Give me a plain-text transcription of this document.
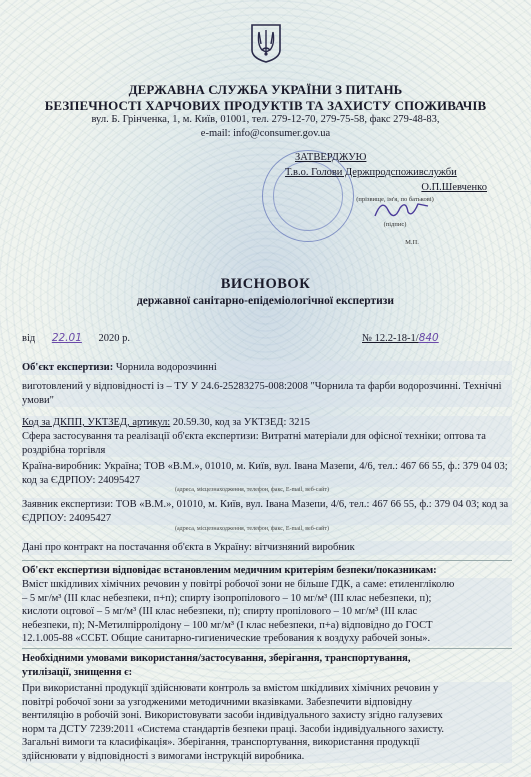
ДЕРЖАВНА СЛУЖБА УКРАЇНИ З ПИТАНЬ
БЕЗПЕЧНОСТІ ХАРЧОВИХ ПРОДУКТІВ ТА ЗАХИСТУ СПОЖИВАЧІВ
вул. Б. Грінченка, 1, м. Київ, 01001, тел. 279-12-70, 279-75-58, факс 279-48-83,
e-mail: info@consumer.gov.ua
ЗАТВЕРДЖУЮ
Т.в.о. Голови Держпродспоживслужби
О.П.Шевченко
(прізвище, ім'я, по батькові)
(підпис)
М.П.
ВИСНОВОК
державної санітарно-епідеміологічної експертизи
від 22.01 2020 р.	№ 12.2-18-1/840
Об'єкт експертизи: Чорнила водорозчинні
виготовлений у відповідності із – ТУ У 24.6-25283275-008:2008 "Чорнила та фарби водорозчинні. Технічні умови"
Код за ДКПП, УКТЗЕД, артикул: 20.59.30, код за УКТЗЕД: 3215
Сфера застосування та реалізації об'єкта експертизи: Витратні матеріали для офісної техніки; оптова та роздрібна торгівля
Країна-виробник: Україна; ТОВ «В.М.», 01010, м. Київ, вул. Івана Мазепи, 4/6, тел.: 467 66 55, ф.: 379 04 03; код за ЄДРПОУ: 24095427
(адреса, місцезнаходження, телефон, факс, E-mail, веб-сайт)
Заявник експертизи: ТОВ «В.М.», 01010, м. Київ, вул. Івана Мазепи, 4/6, тел.: 467 66 55, ф.: 379 04 03; код за ЄДРПОУ: 24095427
(адреса, місцезнаходження, телефон, факс, E-mail, веб-сайт)
Дані про контракт на постачання об'єкта в Україну: вітчизняний виробник
Об'єкт експертизи відповідає встановленим медичним критеріям безпеки/показникам:
Вміст шкідливих хімічних речовин у повітрі робочої зони не більше ГДК, а саме: етиленгліколю
– 5 мг/м³ (ІІІ клас небезпеки, п+п); спирту ізопропілового – 10 мг/м³ (ІІІ клас небезпеки, п);
кислоти оцтової – 5 мг/м³ (ІІІ клас небезпеки, п); спирту пропілового – 10 мг/м³ (ІІІ клас
небезпеки, п); N-Метилпірролідону – 100 мг/м³ (І клас небезпеки, п+а) відповідно до ГОСТ
12.1.005-88 «ССБТ. Общие санитарно-гигиенические требования к воздуху рабочей зоны».
Необхідними умовами використання/застосування, зберігання, транспортування,
утилізації, знищення є:
При використанні продукції здійснювати контроль за вмістом шкідливих хімічних речовин у
повітрі робочої зони за узгодженими методичними вказівками. Забезпечити відповідну
вентиляцію в робочій зоні. Використовувати засоби індивідуального захисту згідно галузевих
норм та ДСТУ 7239:2011 «Система стандартів безпеки праці. Засоби індивідуального захисту.
Загальні вимоги та класифікація». Зберігання, транспортування, використання продукції
здійснювати у відповідності з вимогами інструкцій виробника.
